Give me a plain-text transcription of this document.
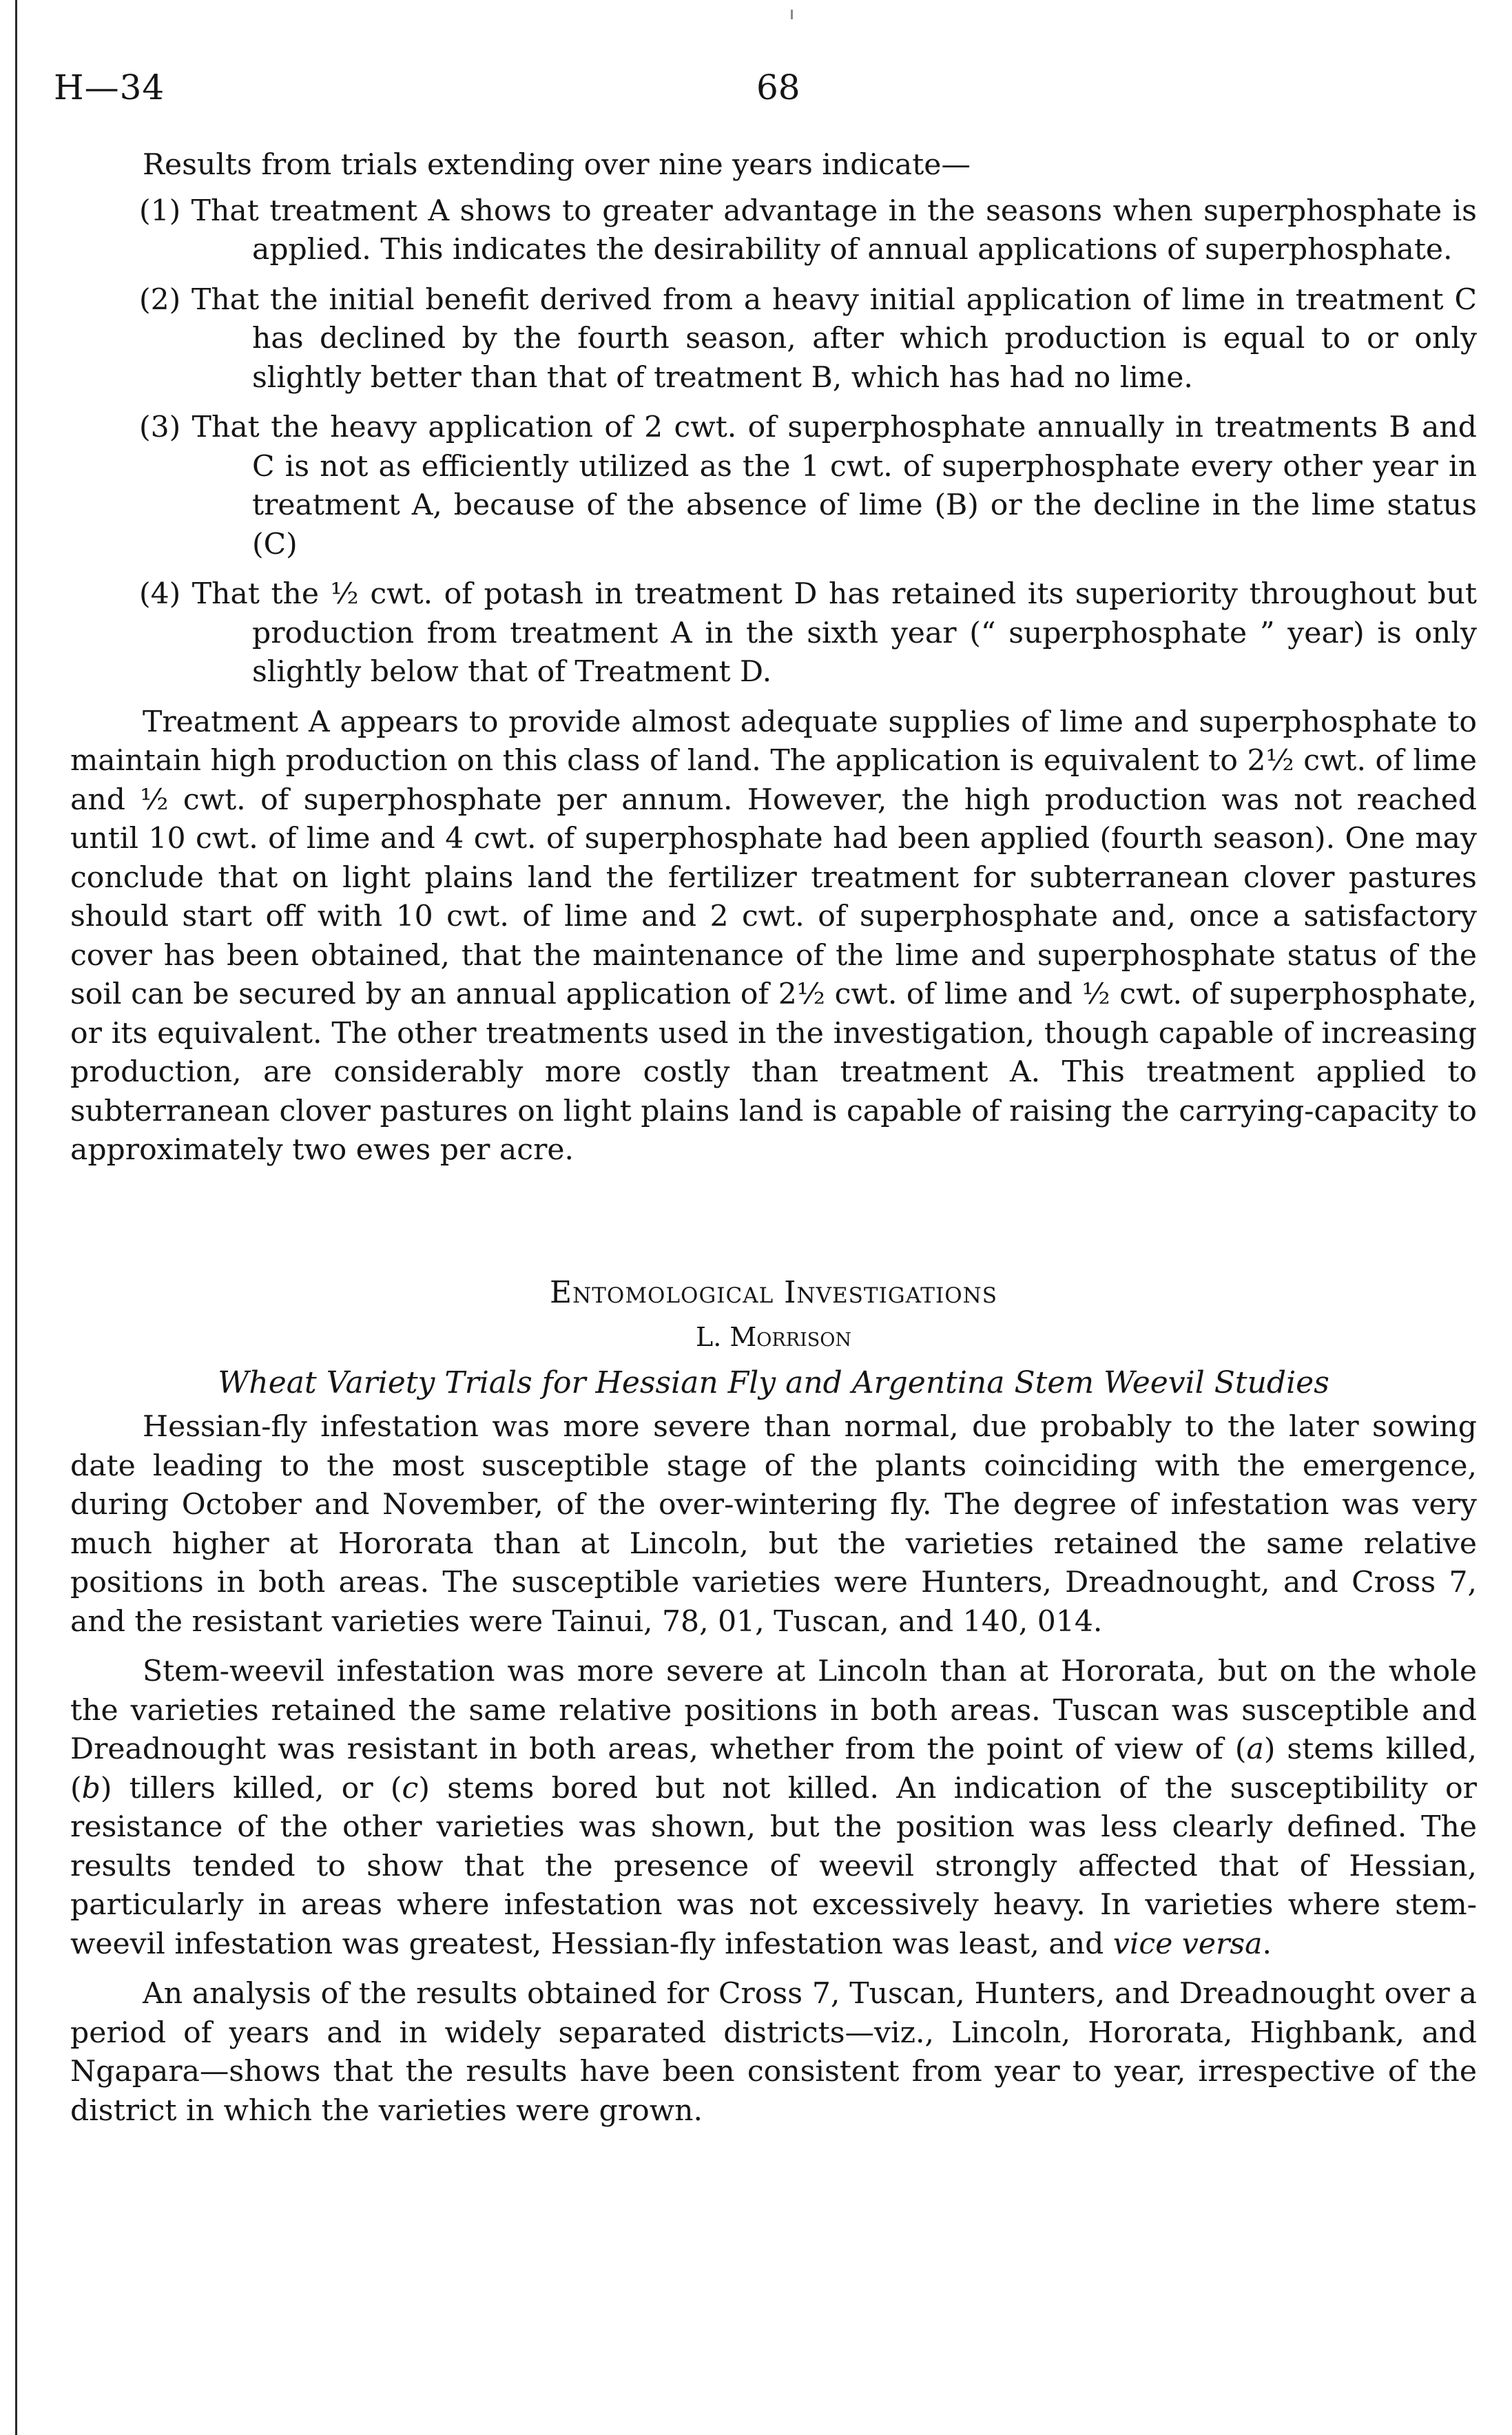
H—34	68

Results from trials extending over nine years indicate—

(1) That treatment A shows to greater advantage in the seasons when superphosphate is applied. This indicates the desirability of annual applications of superphosphate.

(2) That the initial benefit derived from a heavy initial application of lime in treatment C has declined by the fourth season, after which production is equal to or only slightly better than that of treatment B, which has had no lime.

(3) That the heavy application of 2 cwt. of superphosphate annually in treatments B and C is not as efficiently utilized as the 1 cwt. of superphosphate every other year in treatment A, because of the absence of lime (B) or the decline in the lime status (C)

(4) That the ½ cwt. of potash in treatment D has retained its superiority throughout but production from treatment A in the sixth year (“ superphosphate ” year) is only slightly below that of Treatment D.

Treatment A appears to provide almost adequate supplies of lime and superphosphate to maintain high production on this class of land. The application is equivalent to 2½ cwt. of lime and ½ cwt. of superphosphate per annum. However, the high production was not reached until 10 cwt. of lime and 4 cwt. of superphosphate had been applied (fourth season). One may conclude that on light plains land the fertilizer treatment for subterranean clover pastures should start off with 10 cwt. of lime and 2 cwt. of superphosphate and, once a satisfactory cover has been obtained, that the maintenance of the lime and superphosphate status of the soil can be secured by an annual application of 2½ cwt. of lime and ½ cwt. of superphosphate, or its equivalent. The other treatments used in the investigation, though capable of increasing production, are considerably more costly than treatment A. This treatment applied to subterranean clover pastures on light plains land is capable of raising the carrying-capacity to approximately two ewes per acre.

Entomological Investigations
L. Morrison
Wheat Variety Trials for Hessian Fly and Argentina Stem Weevil Studies

Hessian-fly infestation was more severe than normal, due probably to the later sowing date leading to the most susceptible stage of the plants coinciding with the emergence, during October and November, of the over-wintering fly. The degree of infestation was very much higher at Hororata than at Lincoln, but the varieties retained the same relative positions in both areas. The susceptible varieties were Hunters, Dreadnought, and Cross 7, and the resistant varieties were Tainui, 78, 01, Tuscan, and 140, 014.

Stem-weevil infestation was more severe at Lincoln than at Hororata, but on the whole the varieties retained the same relative positions in both areas. Tuscan was susceptible and Dreadnought was resistant in both areas, whether from the point of view of (a) stems killed, (b) tillers killed, or (c) stems bored but not killed. An indication of the susceptibility or resistance of the other varieties was shown, but the position was less clearly defined. The results tended to show that the presence of weevil strongly affected that of Hessian, particularly in areas where infestation was not excessively heavy. In varieties where stem-weevil infestation was greatest, Hessian-fly infestation was least, and vice versa.

An analysis of the results obtained for Cross 7, Tuscan, Hunters, and Dreadnought over a period of years and in widely separated districts—viz., Lincoln, Hororata, Highbank, and Ngapara—shows that the results have been consistent from year to year, irrespective of the district in which the varieties were grown.
